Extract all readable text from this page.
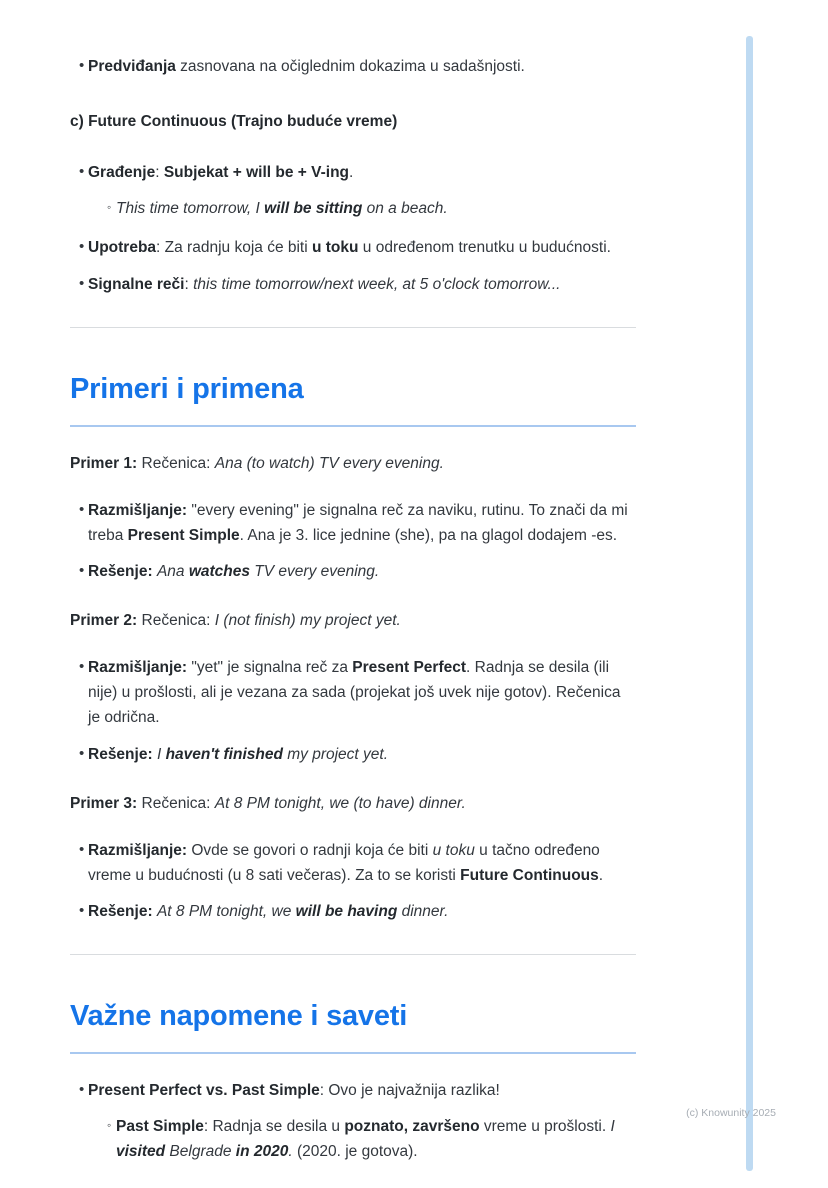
• Predviđanja zasnovana na očiglednim dokazima u sadašnjosti.
c) Future Continuous (Trajno buduće vreme)
• Građenje: Subjekat + will be + V-ing.
◦ This time tomorrow, I will be sitting on a beach.
• Upotreba: Za radnju koja će biti u toku u određenom trenutku u budućnosti.
• Signalne reči: this time tomorrow/next week, at 5 o'clock tomorrow...
Primeri i primena
Primer 1: Rečenica: Ana (to watch) TV every evening.
• Razmišljanje: "every evening" je signalna reč za naviku, rutinu. To znači da mi treba Present Simple. Ana je 3. lice jednine (she), pa na glagol dodajem -es.
• Rešenje: Ana watches TV every evening.
Primer 2: Rečenica: I (not finish) my project yet.
• Razmišljanje: "yet" je signalna reč za Present Perfect. Radnja se desila (ili nije) u prošlosti, ali je vezana za sada (projekat još uvek nije gotov). Rečenica je odrična.
• Rešenje: I haven't finished my project yet.
Primer 3: Rečenica: At 8 PM tonight, we (to have) dinner.
• Razmišljanje: Ovde se govori o radnji koja će biti u toku u tačno određeno vreme u budućnosti (u 8 sati večeras). Za to se koristi Future Continuous.
• Rešenje: At 8 PM tonight, we will be having dinner.
Važne napomene i saveti
• Present Perfect vs. Past Simple: Ovo je najvažnija razlika!
◦ Past Simple: Radnja se desila u poznato, završeno vreme u prošlosti. I visited Belgrade in 2020. (2020. je gotova).
(c) Knowunity 2025
